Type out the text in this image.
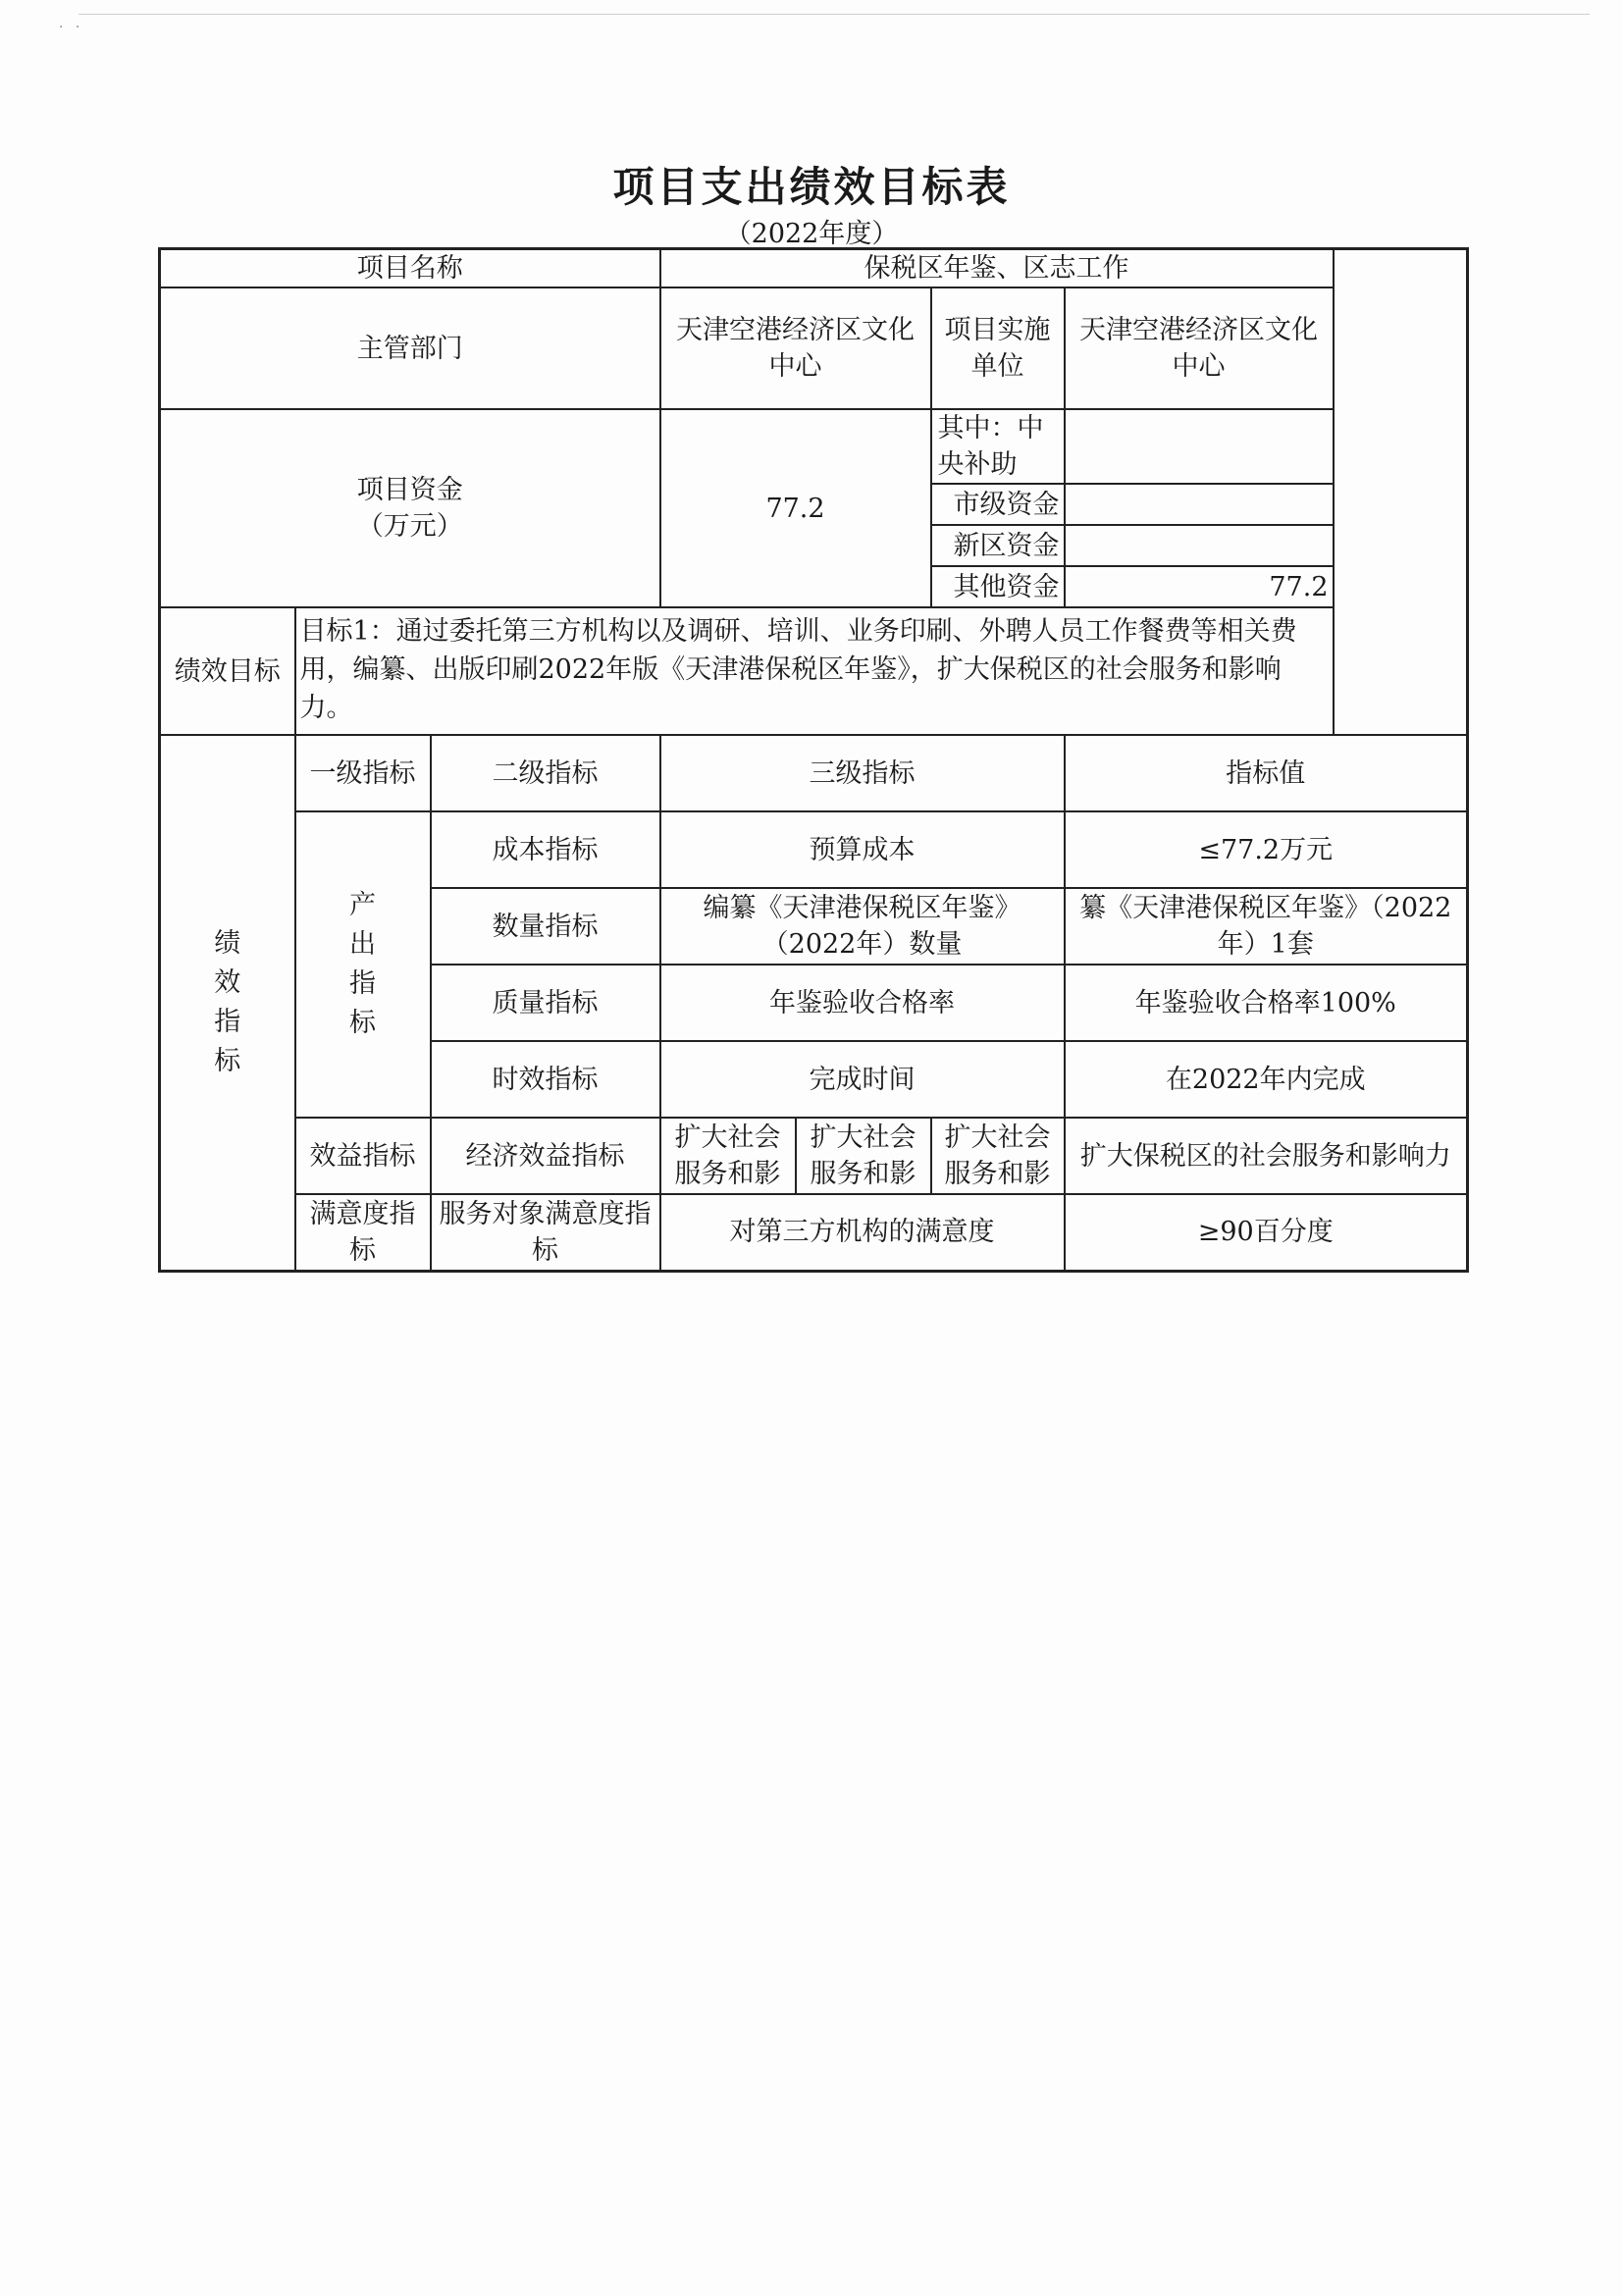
· ·
项目支出绩效目标表
（2022年度）
项目名称			保税区年鉴、区志工作			
主管部门			天津空港经济区文化中心		项目实施单位	天津空港经济区文化中心
项目资金
（万元）			77.2		其中：中央补助	
					市级资金	
					新区资金	
					其他资金	77.2
绩效目标	目标1：通过委托第三方机构以及调研、培训、业务印刷、外聘人员工作餐费等相关费用，编纂、出版印刷2022年版《天津港保税区年鉴》，扩大保税区的社会服务和影响力。					
绩效指标	一级指标	二级指标	三级指标			指标值
	产出指标	成本指标	预算成本			≤77.2万元
		数量指标	编纂《天津港保税区年鉴》（2022年）数量			纂《天津港保税区年鉴》（2022年）1套
		质量指标	年鉴验收合格率			年鉴验收合格率100%
		时效指标	完成时间			在2022年内完成
	效益指标	经济效益指标	扩大社会服务和影	扩大社会服务和影	扩大社会服务和影	扩大保税区的社会服务和影响力
	满意度指标	服务对象满意度指标	对第三方机构的满意度			≥90百分度
